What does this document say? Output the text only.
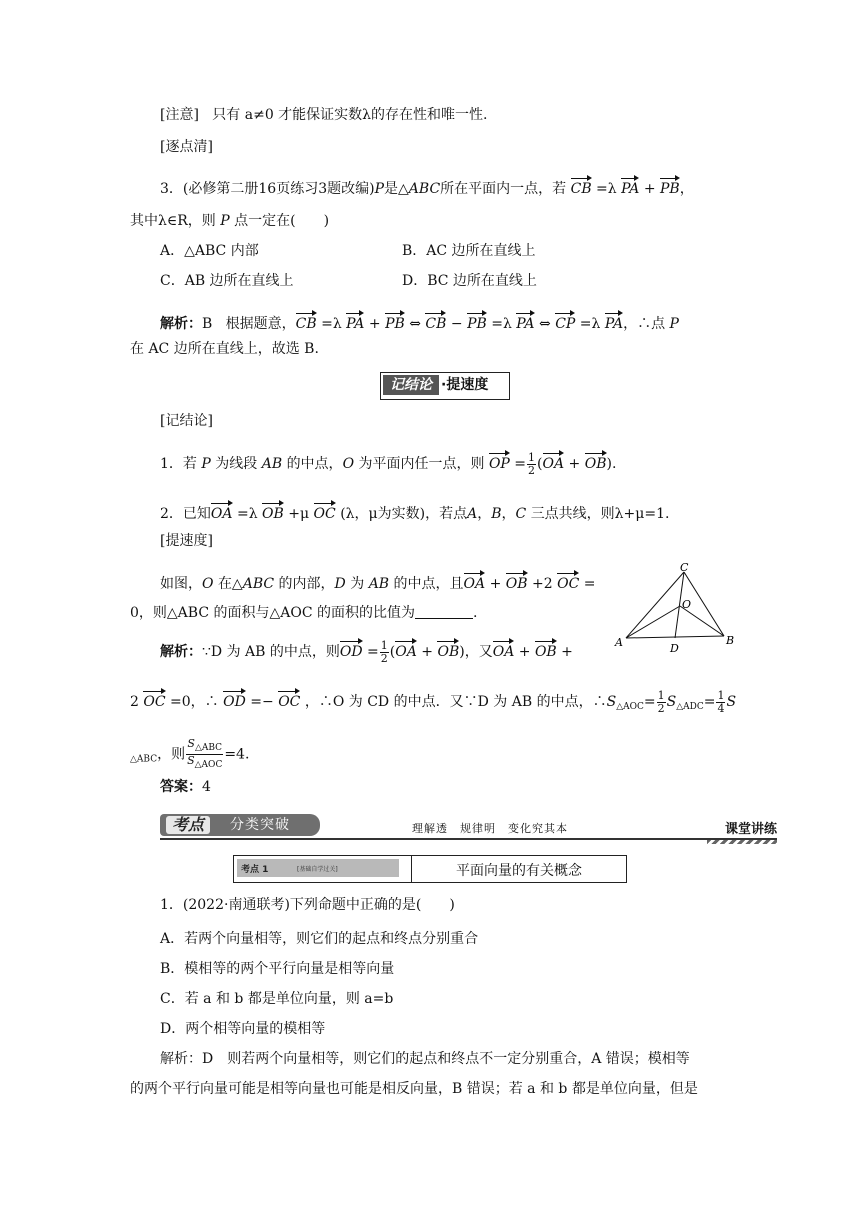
[注意] 只有 a≠0 才能保证实数λ的存在性和唯一性.
[逐点清]
3．(必修第二册16页练习3题改编)P是△ABC所在平面内一点，若 CB =λ PA + PB，
其中λ∈R，则 P 点一定在(　　)
A．△ABC 内部	B．AC 边所在直线上
C．AB 边所在直线上	D．BC 边所在直线上
解析：B 根据题意，CB =λ PA + PB ⇔ CB − PB =λ PA ⇔ CP =λ PA，∴点 P
在 AC 边所在直线上，故选 B.
记结论 ·提速度
[记结论]
1．若 P 为线段 AB 的中点，O 为平面内任一点，则 OP = $\frac{1}{2} (OA + OB)$.
2．已知OA =λ OB +μ OC (λ，μ为实数)，若点A，B，C 三点共线，则λ+μ=1.
[提速度]
如图，O 在△ABC 的内部，D 为 AB 的中点，且OA + OB +2 OC =
0，则△ABC 的面积与△AOC 的面积的比值为	.
解析：∵D 为 AB 的中点，则OD = $\frac{1}{2} (OA + OB)$，又OA + OB +
2 OC =0，∴ OD =− OC ，∴O 为 CD 的中点．又∵D 为 AB 的中点，$\therefore S_{\triangle AOC}= \frac{1}{2} S_{\triangle ADC}= \frac{1}{4}$ S
$_{\triangle ABC}$，则 $\frac{S_{\triangle ABC}}{S_{\triangle AOC}} =4$.
答案：4
C
O
A	B
D
考点	分类突破	理解透　规律明　变化究其本	课堂讲练
考点 1	[基础自学过关]	平面向量的有关概念
1．(2022·南通联考)下列命题中正确的是(　　)
A．若两个向量相等，则它们的起点和终点分别重合
B．模相等的两个平行向量是相等向量
C．若 a 和 b 都是单位向量，则 a=b
D．两个相等向量的模相等
解析：D　则若两个向量相等，则它们的起点和终点不一定分别重合，A 错误；模相等
的两个平行向量可能是相等向量也可能是相反向量，B 错误；若 a 和 b 都是单位向量，但是
